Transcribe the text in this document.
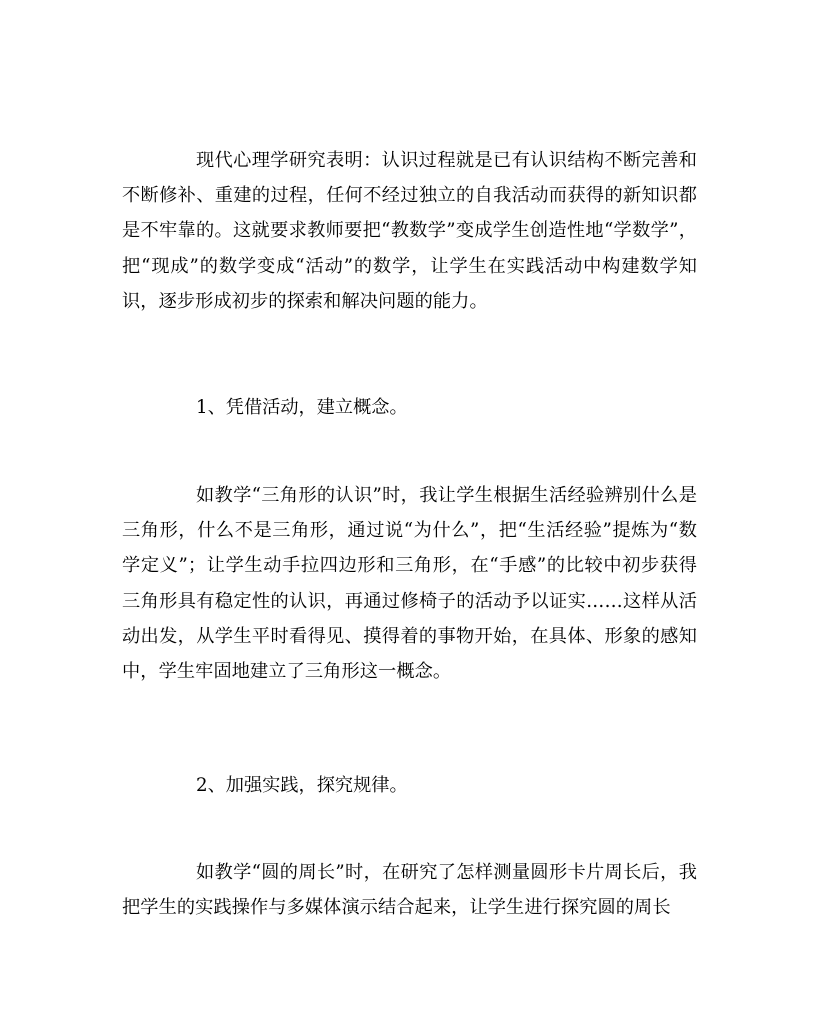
现代心理学研究表明：认识过程就是已有认识结构不断完善和不断修补、重建的过程，任何不经过独立的自我活动而获得的新知识都是不牢靠的。这就要求教师要把“教数学”变成学生创造性地“学数学”，把“现成”的数学变成“活动”的数学，让学生在实践活动中构建数学知识，逐步形成初步的探索和解决问题的能力。

1、凭借活动，建立概念。

如教学“三角形的认识”时，我让学生根据生活经验辨别什么是三角形，什么不是三角形，通过说“为什么”，把“生活经验”提炼为“数学定义”；让学生动手拉四边形和三角形，在“手感”的比较中初步获得三角形具有稳定性的认识，再通过修椅子的活动予以证实……这样从活动出发，从学生平时看得见、摸得着的事物开始，在具体、形象的感知中，学生牢固地建立了三角形这一概念。

2、加强实践，探究规律。

如教学“圆的周长”时，在研究了怎样测量圆形卡片周长后，我把学生的实践操作与多媒体演示结合起来，让学生进行探究圆的周长
